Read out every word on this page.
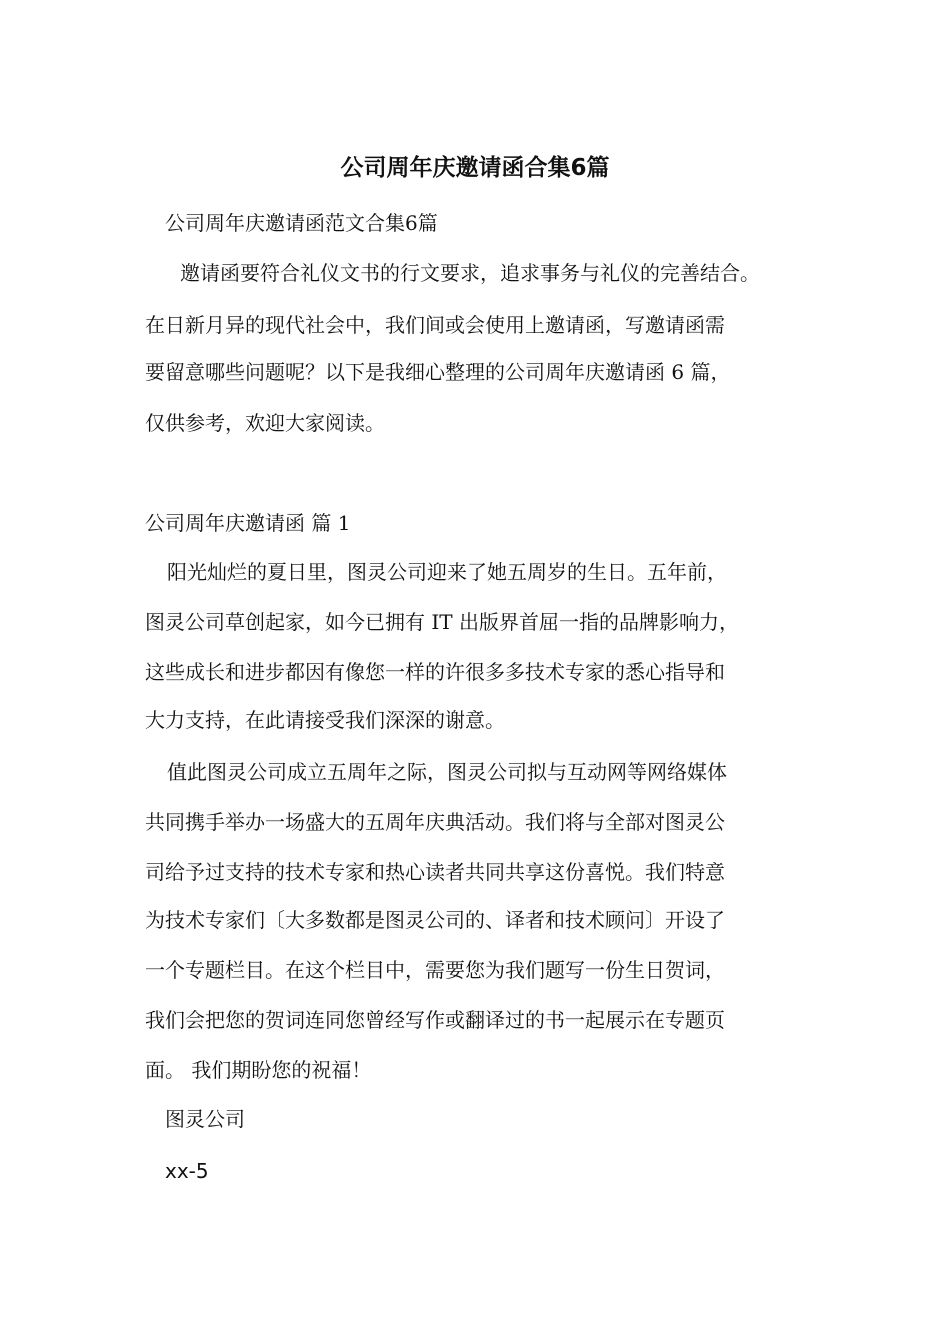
公司周年庆邀请函合集6篇
公司周年庆邀请函范文合集6篇
邀请函要符合礼仪文书的行文要求，追求事务与礼仪的完善结合。
在日新月异的现代社会中，我们间或会使用上邀请函，写邀请函需
要留意哪些问题呢？以下是我细心整理的公司周年庆邀请函 6 篇，
仅供参考，欢迎大家阅读。
公司周年庆邀请函 篇 1
阳光灿烂的夏日里，图灵公司迎来了她五周岁的生日。五年前，
图灵公司草创起家，如今已拥有 IT 出版界首屈一指的品牌影响力，
这些成长和进步都因有像您一样的许很多多技术专家的悉心指导和
大力支持，在此请接受我们深深的谢意。
值此图灵公司成立五周年之际，图灵公司拟与互动网等网络媒体
共同携手举办一场盛大的五周年庆典活动。我们将与全部对图灵公
司给予过支持的技术专家和热心读者共同共享这份喜悦。我们特意
为技术专家们〔大多数都是图灵公司的、译者和技术顾问〕开设了
一个专题栏目。在这个栏目中，需要您为我们题写一份生日贺词，
我们会把您的贺词连同您曾经写作或翻译过的书一起展示在专题页
面。 我们期盼您的祝福！
图灵公司
xx-5
